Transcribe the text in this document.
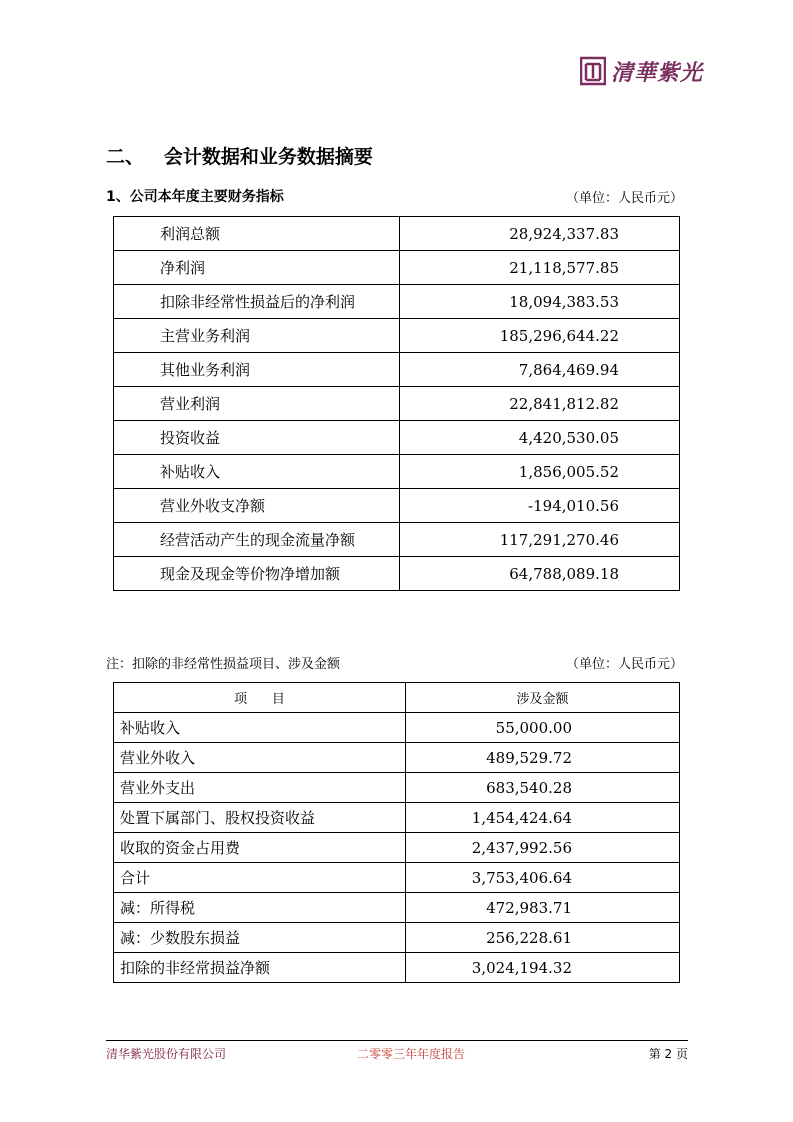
清華紫光
二、   会计数据和业务数据摘要
1、公司本年度主要财务指标	（单位：人民币元）
利润总额	28,924,337.83
净利润	21,118,577.85
扣除非经常性损益后的净利润	18,094,383.53
主营业务利润	185,296,644.22
其他业务利润	7,864,469.94
营业利润	22,841,812.82
投资收益	4,420,530.05
补贴收入	1,856,005.52
营业外收支净额	-194,010.56
经营活动产生的现金流量净额	117,291,270.46
现金及现金等价物净增加额	64,788,089.18
注：扣除的非经常性损益项目、涉及金额	（单位：人民币元）
项      目	涉及金额
补贴收入	55,000.00
营业外收入	489,529.72
营业外支出	683,540.28
处置下属部门、股权投资收益	1,454,424.64
收取的资金占用费	2,437,992.56
合计	3,753,406.64
减：所得税	472,983.71
减：少数股东损益	256,228.61
扣除的非经常损益净额	3,024,194.32
清华紫光股份有限公司	二零零三年年度报告	第 2 页
